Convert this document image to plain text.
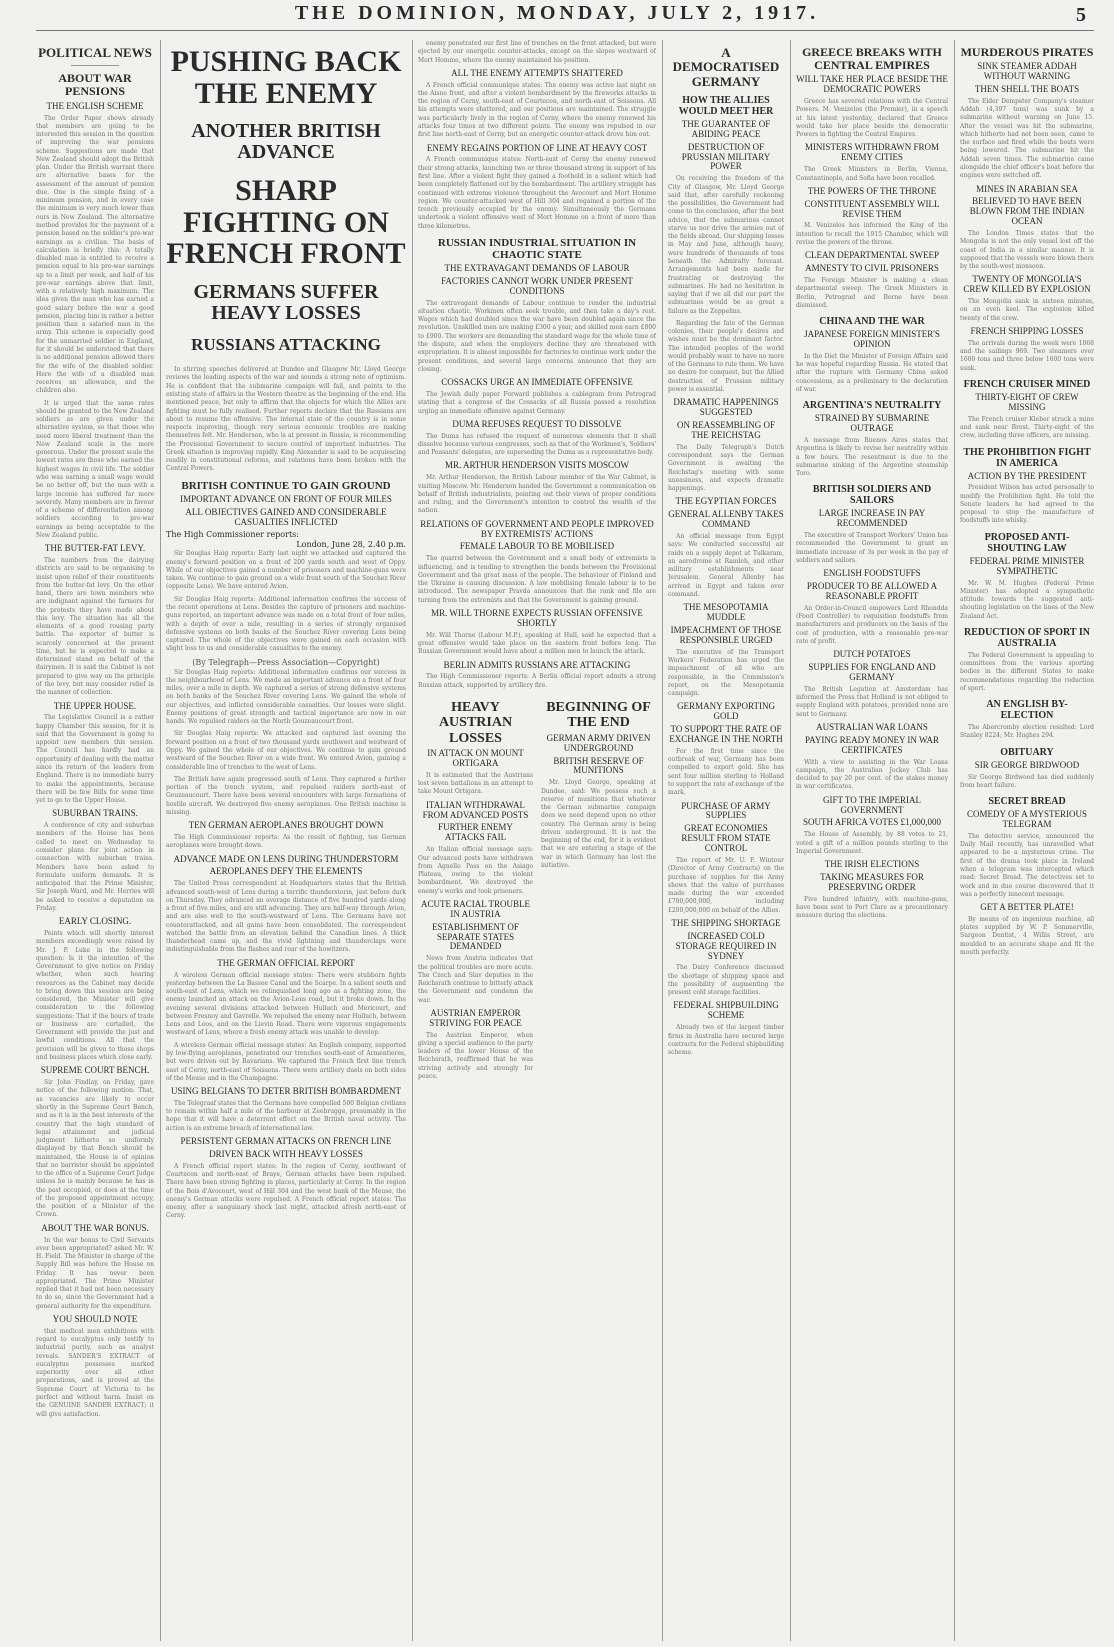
THE DOMINION, MONDAY, JULY 2, 1917.	5
POLITICAL NEWS
ABOUT WAR PENSIONS
THE ENGLISH SCHEME

The Order Paper shows already that members are going to be interested this session in the question of improving the war pensions scheme. Suggestions are made that New Zealand should adopt the British plan. Under the British warrant there are alternative bases for the assessment of the amount of pension due. One is the simple fixing of a minimum pension, and in every case the minimum is very much lower than ours in New Zealand. The alternative method provides for the payment of a pension based on the soldier's pre-war earnings as a civilian. The basis of calculation is briefly this: A totally disabled man is entitled to receive a pension equal to his pre-war earnings up to a limit per week, and half of his pre-war earnings above that limit, with a relatively high maximum. The idea given the man who has earned a good salary before the war a good pension, placing him in rather a better position than a salaried man in the army. This scheme is especially good for the unmarried soldier in England, for it should be understood that there is no additional pension allowed there for the wife of the disabled soldier. Here the wife of a disabled man receives an allowance, and the children also.

It is urged that the same rates should be granted to the New Zealand soldiers as are given under the alternative system, so that those who need more liberal treatment than the New Zealand scale is the more generous. Under the present scale the lowest rates are those who earned the highest wages in civil life. The soldier who was earning a small wage would be no better off, but the man with a large income has suffered far more severely. Many members are in favour of a scheme of differentiation among soldiers according to pre-war earnings as being acceptable to the New Zealand public.

THE BUTTER-FAT LEVY.

The numbers from the dairying districts are said to be organising to insist upon relief of their constituents from the butter-fat levy. On the other hand, there are town members who are indignant against the farmers for the protests they have made about this levy. The situation has all the elements of a good rousing party battle. The exporter of butter is scarcely concerned at the present time, but he is expected to make a determined stand on behalf of the dairymen. It is said the Cabinet is not prepared to give way on the principle of the levy, but may consider relief in the manner of collection.

THE UPPER HOUSE.

The Legislative Council is a rather happy Chamber this session, for it is said that the Government is going to appoint new members this session. The Council has hardly had an opportunity of dealing with the matter since its return of the leaders from England. There is no immediate hurry to make the appointments, because there will be few Bills for some time yet to go to the Upper House.

SUBURBAN TRAINS.

A conference of city and suburban members of the House has been called to meet on Wednesday to consider plans for joint action in connection with suburban trains. Members have been asked to formulate uniform demands. It is anticipated that the Prime Minister, Sir Joseph Ward, and Mr. Herries will be asked to receive a deputation on Friday.

EARLY CLOSING.

Points which will shortly interest members exceedingly were raised by Mr. J. P. Luke in the following question: Is it the intention of the Government to give notice on Friday whether, when such hearing resources as the Cabinet may decide to bring down this session are being considered, the Minister will give consideration to the following suggestions: That if the hours of trade or business are curtailed, the Government will provide the just and lawful conditions. All that the provision will be given to those shops and business places which close early.

SUPREME COURT BENCH.

Sir John Findlay, on Friday, gave notice of the following motion: That, as vacancies are likely to occur shortly in the Supreme Court Bench, and as it is in the best interests of the country that the high standard of legal attainment and judicial judgment hitherto so uniformly displayed by that Bench should be maintained, the House is of opinion that no barrister should be appointed to the office of a Supreme Court Judge unless he is mainly because he has in the past occupied, or does at the time of the proposed appointment occupy, the position of a Minister of the Crown.

ABOUT THE WAR BONUS.

In the war bonus to Civil Servants ever been appropriated? asked Mr. W. H. Field. The Minister in charge of the Supply Bill was before the House on Friday. It has never been appropriated. The Prime Minister replied that it had not been necessary to do so, since the Government had a general authority for the expenditure.

YOU SHOULD NOTE

that medical men exhibitions with regard to eucalyptus only testify to industrial purity, such as analyst reveals. SANDER'S EXTRACT of eucalyptus possesses marked superiority over all other preparations, and is proved at the Supreme Court of Victoria to be perfect and without harm. Insist on the GENUINE SANDER EXTRACT; it will give satisfaction.

PUSHING BACK THE ENEMY
ANOTHER BRITISH ADVANCE
SHARP FIGHTING ON FRENCH FRONT
GERMANS SUFFER HEAVY LOSSES
RUSSIANS ATTACKING

In stirring speeches delivered at Dundee and Glasgow Mr. Lloyd George reviews the leading aspects of the war and sounds a strong note of optimism. He is confident that the submarine campaign will fail, and points to the existing state of affairs in the Western theatre as the beginning of the end. His mentioned peace, but only to affirm that the objects for which the Allies are fighting must be fully realised. Further reports declare that the Russians are about to resume the offensive. The internal state of the country is in some respects improving, though very serious economic troubles are making themselves felt. Mr. Henderson, who is at present in Russia, is recommending the Provisional Government to secure control of important industries. The Greek situation is improving rapidly. King Alexander is said to be acquiescing readily in constitutional reforms, and relations have been broken with the Central Powers.

BRITISH CONTINUE TO GAIN GROUND
IMPORTANT ADVANCE ON FRONT OF FOUR MILES
ALL OBJECTIVES GAINED AND CONSIDERABLE CASUALTIES INFLICTED
The High Commissioner reports:
London, June 28, 2.40 p.m.

Sir Douglas Haig reports: Early last night we attacked and captured the enemy's forward position on a front of 200 yards south and west of Oppy. While of our objectives gained a number of prisoners and machine-guns were taken. We continue to gain ground on a wide front south of the Souchez River (opposite Lens). We have entered Avion.

Sir Douglas Haig reports: Additional information confirms the success of the recent operations at Lens. Besides the capture of prisoners and machine-guns reported, an important advance was made on a total front of four miles, with a depth of over a mile, resulting in a series of strongly organised defensive systems on both banks of the Souchez River covering Lens being captured. The whole of the objectives were gained on each occasion with slight loss to us and considerable casualties to the enemy.

(By Telegraph—Press Association—Copyright)

Sir Douglas Haig reports: Additional information confirms our success in the neighbourhood of Lens. We made an important advance on a front of four miles, over a mile in depth. We captured a series of strong defensive systems on both banks of the Souchez River covering Lens. We gained the whole of our objectives, and inflicted considerable casualties. Our losses were slight. Enemy positions of great strength and tactical importance are now in our hands. We repulsed raiders on the North Gouzeaucourt front.

Sir Douglas Haig reports: We attacked and captured last evening the forward position on a front of two thousand yards southwest and westward of Oppy. We gained the whole of our objectives. We continue to gain ground westward of the Souchez River on a wide front. We entered Avion, gaining a considerable line of trenches to the west of Lens.

The British have again progressed south of Lens. They captured a further portion of the trench system, and repulsed raiders north-east of Gouzeaucourt. There have been several encounters with large formations of hostile aircraft. We destroyed five enemy aeroplanes. One British machine is missing.

TEN GERMAN AEROPLANES BROUGHT DOWN

The High Commissioner reports: As the result of fighting, ten German aeroplanes were brought down.

ADVANCE MADE ON LENS DURING THUNDERSTORM
AEROPLANES DEFY THE ELEMENTS

The United Press correspondent at Headquarters states that the British advanced south-west of Lens during a terrific thunderstorm, just before dark on Thursday. They advanced an average distance of five hundred yards along a front of five miles, and are still advancing. They are half-way through Avion, and are also well to the south-westward of Lens. The Germans have not counterattacked, and all gains have been consolidated. The correspondent watched the battle from an elevation behind the Canadian lines. A thick thunderhead came up, and the vivid lightning and thunderclaps were indistinguishable from the flashes and roar of the howitzers.

THE GERMAN OFFICIAL REPORT

A wireless German official message states: There were stubborn fights yesterday between the La Bassee Canal and the Scarpe. In a salient south and south-east of Lens, which we relinquished long ago as a fighting zone, the enemy launched an attack on the Avion-Lens road, but it broke down. In the evening several divisions attacked between Hulluch and Mericourt, and between Fresnoy and Gavrelle. We repulsed the enemy near Hulluch, between Lens and Loos, and on the Lievin Road. There were vigorous engagements westward of Lens, where a fresh enemy attack was unable to develop.

A wireless German official message states: An English company, supported by low-flying aeroplanes, penetrated our trenches south-east of Armentieres, but were driven out by Bavarians. We captured the French first line trench east of Cerny, north-east of Soissons. There were artillery duels on both sides of the Meuse and in the Champagne.

USING BELGIANS TO DETER BRITISH BOMBARDMENT

The Telegraaf states that the Germans have compelled 500 Belgian civilians to remain within half a mile of the harbour at Zeebrugge, presumably in the hope that it will have a deterrent effect on the British naval activity. The action is an extreme breach of international law.

PERSISTENT GERMAN ATTACKS ON FRENCH LINE
DRIVEN BACK WITH HEAVY LOSSES

A French official report states: In the region of Cerny, southward of Courtecon and north-east of Braye, German attacks have been repulsed. There have been strong fighting in places, particularly at Cerny. In the region of the Bois d'Avocourt, west of Hill 304 and the west bank of the Meuse, the enemy's German attacks were repulsed. A French official report states: The enemy, after a sanguinary shock last night, attacked afresh north-east of Cerny.

enemy penetrated our first line of trenches on the front attacked, but were ejected by our energetic counter-attacks, except on the slopes westward of Mort Homme, where the enemy maintained his position.

ALL THE ENEMY ATTEMPTS SHATTERED

A French official communique states: The enemy was active last night on the Aisne front, and after a violent bombardment by the fireworks attacks in the region of Cerny, south-east of Courtecon, and north-east of Soissons. All his attempts were shattered, and our positions are maintained. The struggle was particularly lively in the region of Cerny, where the enemy renewed his attacks four times at two different points. The enemy was repulsed in our first line north-east of Cerny, but an energetic counter-attack drove him out.

ENEMY REGAINS PORTION OF LINE AT HEAVY COST

A French communique states: North-east of Cerny the enemy renewed their strong attacks, launching two or three thousand strong in support of his first line. After a violent fight they gained a foothold in a salient which had been completely flattened out by the bombardment. The artillery struggle has continued with extreme violence throughout the Avocourt and Mort Homme region. We counter-attacked west of Hill 304 and regained a portion of the trench previously occupied by the enemy. Simultaneously the Germans undertook a violent offensive west of Mort Homme on a front of more than three kilometres.

RUSSIAN INDUSTRIAL SITUATION IN CHAOTIC STATE
THE EXTRAVAGANT DEMANDS OF LABOUR
FACTORIES CANNOT WORK UNDER PRESENT CONDITIONS

The extravagant demands of Labour continue to render the industrial situation chaotic. Workmen often seek trouble, and then take a day's rest. Wages which had doubled since the war have been doubled again since the revolution. Unskilled men are making £300 a year, and skilled men earn £800 to £900. The workers are demanding the standard wage for the whole time of the dispute, and when the employers decline they are threatened with expropriation. It is almost impossible for factories to continue work under the present conditions, and several large concerns announce that they are closing.

COSSACKS URGE AN IMMEDIATE OFFENSIVE

The Jewish daily paper Forward publishes a cablegram from Petrograd stating that a congress of the Cossacks of all Russia passed a resolution urging an immediate offensive against Germany.

DUMA REFUSES REQUEST TO DISSOLVE

The Duma has refused the request of numerous elements that it shall dissolve because various congresses, such as that of the Workmen's, Soldiers' and Peasants' delegates, are superseding the Duma as a representative body.

MR. ARTHUR HENDERSON VISITS MOSCOW

Mr. Arthur Henderson, the British Labour member of the War Cabinet, is visiting Moscow. Mr. Henderson handed the Government a communication on behalf of British industrialists, pointing out their views of proper conditions and ruling, and the Government's intention to control the wealth of the nation.

RELATIONS OF GOVERNMENT AND PEOPLE IMPROVED BY EXTREMISTS' ACTIONS
FEMALE LABOUR TO BE MOBILISED

The quarrel between the Government and a small body of extremists is influencing, and is tending to strengthen the bonds between the Provisional Government and the great mass of the people. The behaviour of Finland and the Ukraine is causing discussion. A law mobilising female labour is to be introduced. The newspaper Pravda announces that the rank and file are turning from the extremists and that the Government is gaining ground.

MR. WILL THORNE EXPECTS RUSSIAN OFFENSIVE SHORTLY

Mr. Will Thorne (Labour M.P.), speaking at Hull, said he expected that a great offensive would take place on the eastern front before long. The Russian Government would have about a million men to launch the attack.

BERLIN ADMITS RUSSIANS ARE ATTACKING

The High Commissioner reports: A Berlin official report admits a strong Russian attack, supported by artillery fire.

HEAVY AUSTRIAN LOSSES
IN ATTACK ON MOUNT ORTIGARA

It is estimated that the Austrians lost seven battalions in an attempt to take Mount Ortigara.

ITALIAN WITHDRAWAL FROM ADVANCED POSTS
FURTHER ENEMY ATTACKS FAIL

An Italian official message says: Our advanced posts have withdrawn from Agnello Pass on the Asiago Plateau, owing to the violent bombardment. We destroyed the enemy's works and took prisoners.

ACUTE RACIAL TROUBLE IN AUSTRIA
ESTABLISHMENT OF SEPARATE STATES DEMANDED

News from Austria indicates that the political troubles are more acute. The Czech and Slav deputies in the Reichsrath continue to bitterly attack the Government and condemn the war.

AUSTRIAN EMPEROR STRIVING FOR PEACE

The Austrian Emperor, when giving a special audience to the party leaders of the lower House of the Reichsrath, reaffirmed that he was striving actively and strongly for peace.

BEGINNING OF THE END
GERMAN ARMY DRIVEN UNDERGROUND
BRITISH RESERVE OF MUNITIONS

Mr. Lloyd George, speaking at Dundee, said: We possess such a reserve of munitions that whatever the German submarine campaign does we need depend upon no other country. The German army is being driven underground. It is not the beginning of the end, for it is evident that we are entering a stage of the war in which Germany has lost the initiative.

A DEMOCRATISED GERMANY
HOW THE ALLIES WOULD MEET HER
THE GUARANTEE OF ABIDING PEACE
DESTRUCTION OF PRUSSIAN MILITARY POWER

On receiving the freedom of the City of Glasgow, Mr. Lloyd George said that, after carefully reckoning the possibilities, the Government had come to the conclusion, after the best advice, that the submarines cannot starve us nor drive the armies out of the fields abroad. Our shipping losses in May and June, although heavy, were hundreds of thousands of tons beneath the Admiralty forecast. Arrangements had been made for frustrating or destroying the submarines. He had no hesitation in saying that if we all did our part the submarines would be as great a failure as the Zeppelins.

Regarding the fate of the German colonies, their people's desires and wishes must be the dominant factor. The intended peoples of the world would probably want to have no more of the Germans to rule them. We have no desire for conquest, but the Allied destruction of Prussian military power is essential.

DRAMATIC HAPPENINGS SUGGESTED
ON REASSEMBLING OF THE REICHSTAG

The Daily Telegraph's Dutch correspondent says the German Government is awaiting the Reichstag's meeting with some uneasiness, and expects dramatic happenings.

THE EGYPTIAN FORCES
GENERAL ALLENBY TAKES COMMAND

An official message from Egypt says: We conducted successful air raids on a supply depot at Tulkaram, an aerodrome at Ramleh, and other military establishments near Jerusalem. General Allenby has arrived in Egypt and taken over command.

THE MESOPOTAMIA MUDDLE
IMPEACHMENT OF THOSE RESPONSIBLE URGED

The executive of the Transport Workers' Federation has urged the impeachment of all who are responsible, in the Commission's report, on the Mesopotamia campaign.

GERMANY EXPORTING GOLD
TO SUPPORT THE RATE OF EXCHANGE IN THE NORTH

For the first time since the outbreak of war, Germany has been compelled to export gold. She has sent four million sterling to Holland to support the rate of exchange of the mark.

PURCHASE OF ARMY SUPPLIES
GREAT ECONOMIES RESULT FROM STATE CONTROL

The report of Mr. U. F. Wintour (Director of Army Contracts) on the purchase of supplies for the Army shows that the value of purchases made during the war exceeded £700,000,000, including £200,000,000 on behalf of the Allies.

THE SHIPPING SHORTAGE
INCREASED COLD STORAGE REQUIRED IN SYDNEY

The Dairy Conference discussed the shortage of shipping space and the possibility of augmenting the present cold storage facilities.

FEDERAL SHIPBUILDING SCHEME

Already two of the largest timber firms in Australia have secured large contracts for the Federal shipbuilding scheme.

GREECE BREAKS WITH CENTRAL EMPIRES
WILL TAKE HER PLACE BESIDE THE DEMOCRATIC POWERS

Greece has severed relations with the Central Powers. M. Venizelos (the Premier), in a speech at his latest yesterday, declared that Greece would take her place beside the democratic Powers in fighting the Central Empires.

MINISTERS WITHDRAWN FROM ENEMY CITIES

The Greek Ministers in Berlin, Vienna, Constantinople, and Sofia have been recalled.

THE POWERS OF THE THRONE
CONSTITUENT ASSEMBLY WILL REVISE THEM

M. Venizelos has informed the King of the intention to recall the 1915 Chamber, which will revise the powers of the throne.

CLEAN DEPARTMENTAL SWEEP
AMNESTY TO CIVIL PRISONERS

The Foreign Minister is making a clean departmental sweep. The Greek Ministers in Berlin, Petrograd and Berne have been dismissed.

CHINA AND THE WAR
JAPANESE FOREIGN MINISTER'S OPINION

In the Diet the Minister of Foreign Affairs said he was hopeful regarding Russia. He stated that after the rupture with Germany China asked concessions, as a preliminary to the declaration of war.

ARGENTINA'S NEUTRALITY
STRAINED BY SUBMARINE OUTRAGE

A message from Buenos Aires states that Argentina is likely to revise her neutrality within a few hours. The resentment is due to the submarine sinking of the Argentine steamship Toro.

BRITISH SOLDIERS AND SAILORS
LARGE INCREASE IN PAY RECOMMENDED

The executive of Transport Workers' Union has recommended the Government to grant an immediate increase of 3s per week in the pay of soldiers and sailors.

ENGLISH FOODSTUFFS
PRODUCER TO BE ALLOWED A REASONABLE PROFIT

An Order-in-Council empowers Lord Rhondda (Food Controller) to requisition foodstuffs from manufacturers and producers on the basis of the cost of production, with a reasonable pre-war rate of profit.

DUTCH POTATOES
SUPPLIES FOR ENGLAND AND GERMANY

The British Legation at Amsterdam has informed the Press that Holland is not obliged to supply England with potatoes, provided none are sent to Germany.

AUSTRALIAN WAR LOANS
PAYING READY MONEY IN WAR CERTIFICATES

With a view to assisting in the War Loans campaign, the Australian Jockey Club has decided to pay 20 per cent. of the stakes money in war certificates.

GIFT TO THE IMPERIAL GOVERNMENT
SOUTH AFRICA VOTES £1,000,000

The House of Assembly, by 88 votes to 21, voted a gift of a million pounds sterling to the Imperial Government.

THE IRISH ELECTIONS
TAKING MEASURES FOR PRESERVING ORDER

Five hundred infantry, with machine-guns, have been sent to Port Clare as a precautionary measure during the elections.

MURDEROUS PIRATES
SINK STEAMER ADDAH WITHOUT WARNING
THEN SHELL THE BOATS

The Elder Dempster Company's steamer Addah (4,397 tons) was sunk by a submarine without warning on June 15. After the vessel was hit the submarine, which hitherto had not been seen, came to the surface and fired while the boats were being lowered. The submarine hit the Addah seven times. The submarine came alongside the chief officer's boat before the engines were switched off.

MINES IN ARABIAN SEA
BELIEVED TO HAVE BEEN BLOWN FROM THE INDIAN OCEAN

The London Times states that the Mongolia is not the only vessel lost off the coast of India in a similar manner. It is supposed that the vessels were blown there by the south-west monsoon.

TWENTY OF MONGOLIA'S CREW KILLED BY EXPLOSION

The Mongolia sank in sixteen minutes, on an even keel. The explosion killed twenty of the crew.

FRENCH SHIPPING LOSSES

The arrivals during the week were 1068 and the sailings 969. Two steamers over 1600 tons and three below 1600 tons were sunk.

FRENCH CRUISER MINED
THIRTY-EIGHT OF CREW MISSING

The French cruiser Kleber struck a mine and sank near Brest. Thirty-eight of the crew, including three officers, are missing.

THE PROHIBITION FIGHT IN AMERICA
ACTION BY THE PRESIDENT

President Wilson has acted personally to modify the Prohibition fight. He told the Senate leaders he had agreed to the proposal to stop the manufacture of foodstuffs into whisky.

PROPOSED ANTI-SHOUTING LAW
FEDERAL PRIME MINISTER SYMPATHETIC

Mr. W. M. Hughes (Federal Prime Minister) has adopted a sympathetic attitude towards the suggested anti-shouting legislation on the lines of the New Zealand Act.

REDUCTION OF SPORT IN AUSTRALIA

The Federal Government is appealing to committees from the various sporting bodies in the different States to make recommendations regarding the reduction of sport.

AN ENGLISH BY-ELECTION

The Abercromby election resulted: Lord Stanley 8224; Mr. Hughes 294.

OBITUARY
SIR GEORGE BIRDWOOD

Sir George Birdwood has died suddenly from heart failure.

SECRET BREAD
COMEDY OF A MYSTERIOUS TELEGRAM

The detective service, announced the Daily Mail recently, has unravelled what appeared to be a mysterious crime. The first of the drama took place in Ireland when a telegram was intercepted which read: Secret Bread. The detectives set to work and in due course discovered that it was a perfectly innocent message.

GET A BETTER PLATE!

By means of an ingenious machine, all plates supplied by W. P. Sommerville, Surgeon Dentist, 4 Willis Street, are moulded to an accurate shape and fit the mouth perfectly.
